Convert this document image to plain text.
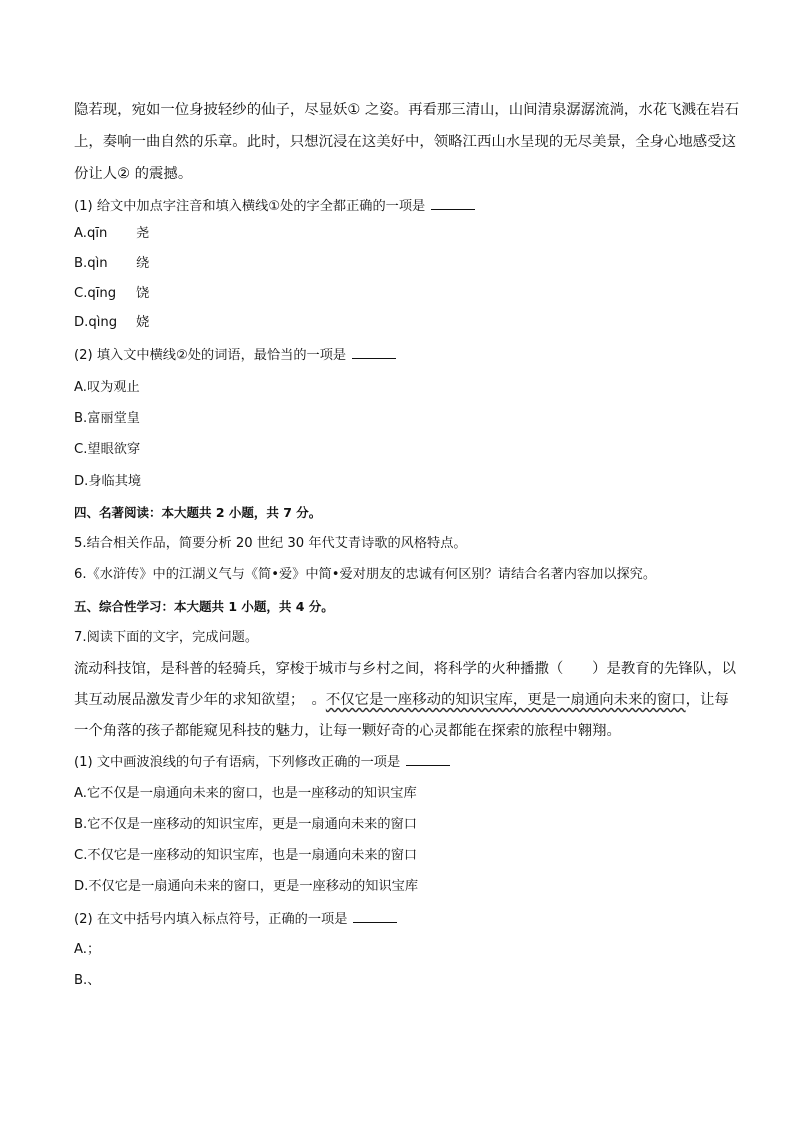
隐若现，宛如一位身披轻纱的仙子，尽显妖① 之姿。再看那三清山，山间清泉潺潺流淌，水花飞溅在岩石
上，奏响一曲自然的乐章。此时，只想沉浸在这美好中，领略江西山水呈现的无尽美景，全身心地感受这
份让人② 的震撼。
(1) 给文中加点字注音和填入横线①处的字全都正确的一项是
A.qīn 尧
B.qìn 绕
C.qīng 饶
D.qìng 娆
(2) 填入文中横线②处的词语，最恰当的一项是
A.叹为观止
B.富丽堂皇
C.望眼欲穿
D.身临其境
四、名著阅读：本大题共 2 小题，共 7 分。
5.结合相关作品，简要分析 20 世纪 30 年代艾青诗歌的风格特点。
6.《水浒传》中的江湖义气与《简•爱》中简•爱对朋友的忠诚有何区别？请结合名著内容加以探究。
五、综合性学习：本大题共 1 小题，共 4 分。
7.阅读下面的文字，完成问题。
流动科技馆，是科普的轻骑兵，穿梭于城市与乡村之间，将科学的火种播撒（　　）是教育的先锋队，以
其互动展品激发青少年的求知欲望；　。不仅它是一座移动的知识宝库，更是一扇通向未来的窗口，让每
一个角落的孩子都能窥见科技的魅力，让每一颗好奇的心灵都能在探索的旅程中翱翔。
(1) 文中画波浪线的句子有语病，下列修改正确的一项是
A.它不仅是一扇通向未来的窗口，也是一座移动的知识宝库
B.它不仅是一座移动的知识宝库，更是一扇通向未来的窗口
C.不仅它是一座移动的知识宝库，也是一扇通向未来的窗口
D.不仅它是一扇通向未来的窗口，更是一座移动的知识宝库
(2) 在文中括号内填入标点符号，正确的一项是
A.；
B.、
